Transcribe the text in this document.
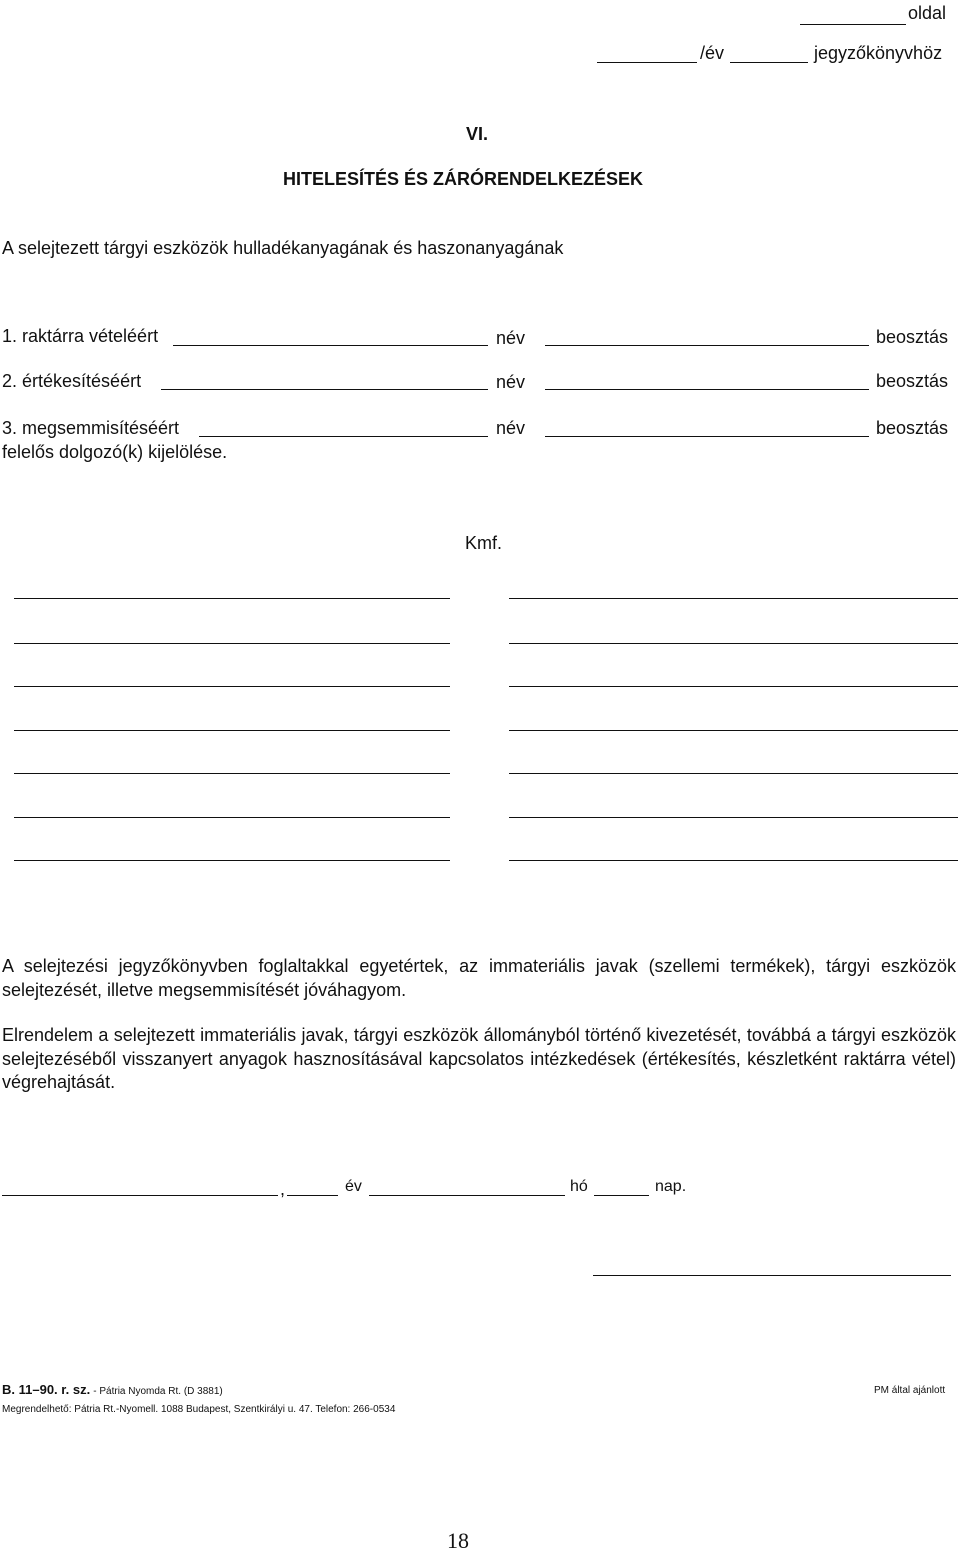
oldal
/év	jegyzőkönyvhöz
VI.
HITELESÍTÉS ÉS ZÁRÓRENDELKEZÉSEK
A selejtezett tárgyi eszközök hulladékanyagának és haszonanyagának
1. raktárra vételéért	név	beosztás
2. értékesítéséért	név	beosztás
3. megsemmisítéséért	név	beosztás
felelős dolgozó(k) kijelölése.
Kmf.
A selejtezési jegyzőkönyvben foglaltakkal egyetértek, az immateriális javak (szellemi termékek), tárgyi eszközök selejtezését, illetve megsemmisítését jóváhagyom.
Elrendelem a selejtezett immateriális javak, tárgyi eszközök állományból történő kivezetését, továbbá a tárgyi eszközök selejtezéséből visszanyert anyagok hasznosításával kapcsolatos intézkedések (értékesítés, készletként raktárra vétel) végrehajtását.
,	év	hó	nap.
B. 11–90. r. sz. - Pátria Nyomda Rt. (D 3881)	PM által ajánlott
Megrendelhető: Pátria Rt.-Nyomell. 1088 Budapest, Szentkirályi u. 47. Telefon: 266-0534
18
